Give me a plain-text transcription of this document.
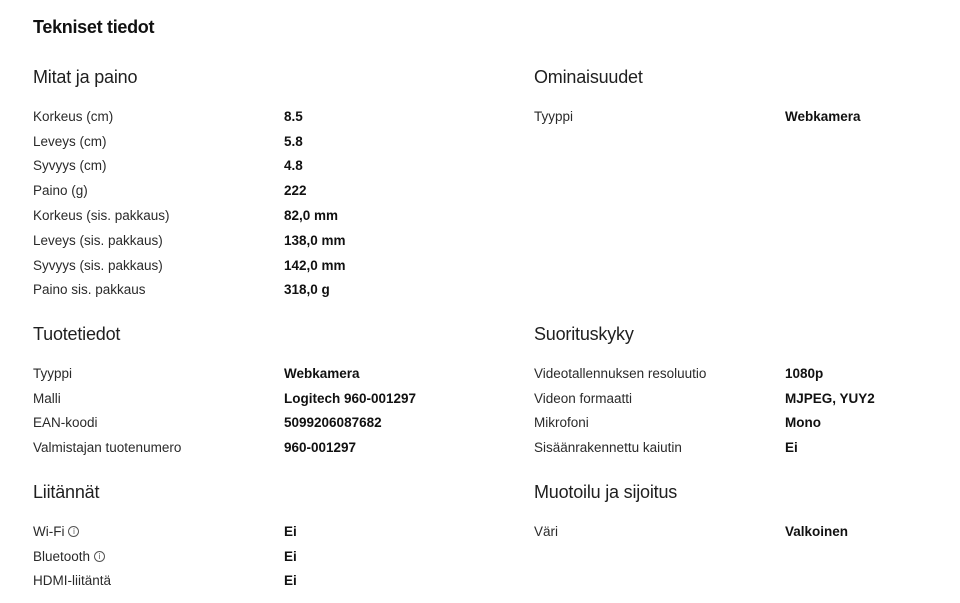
Tekniset tiedot
Mitat ja paino
Korkeus (cm)	8.5
Leveys (cm)	5.8
Syvyys (cm)	4.8
Paino (g)	222
Korkeus (sis. pakkaus)	82,0 mm
Leveys (sis. pakkaus)	138,0 mm
Syvyys (sis. pakkaus)	142,0 mm
Paino sis. pakkaus	318,0 g
Ominaisuudet
Tyyppi	Webkamera
Tuotetiedot
Tyyppi	Webkamera
Malli	Logitech 960-001297
EAN-koodi	5099206087682
Valmistajan tuotenumero	960-001297
Suorituskyky
Videotallennuksen resoluutio	1080p
Videon formaatti	MJPEG, YUY2
Mikrofoni	Mono
Sisäänrakennettu kaiutin	Ei
Liitännät
Wi-Fi	i	Ei
Bluetooth	i	Ei
HDMI-liitäntä	Ei
Muotoilu ja sijoitus
Väri	Valkoinen
